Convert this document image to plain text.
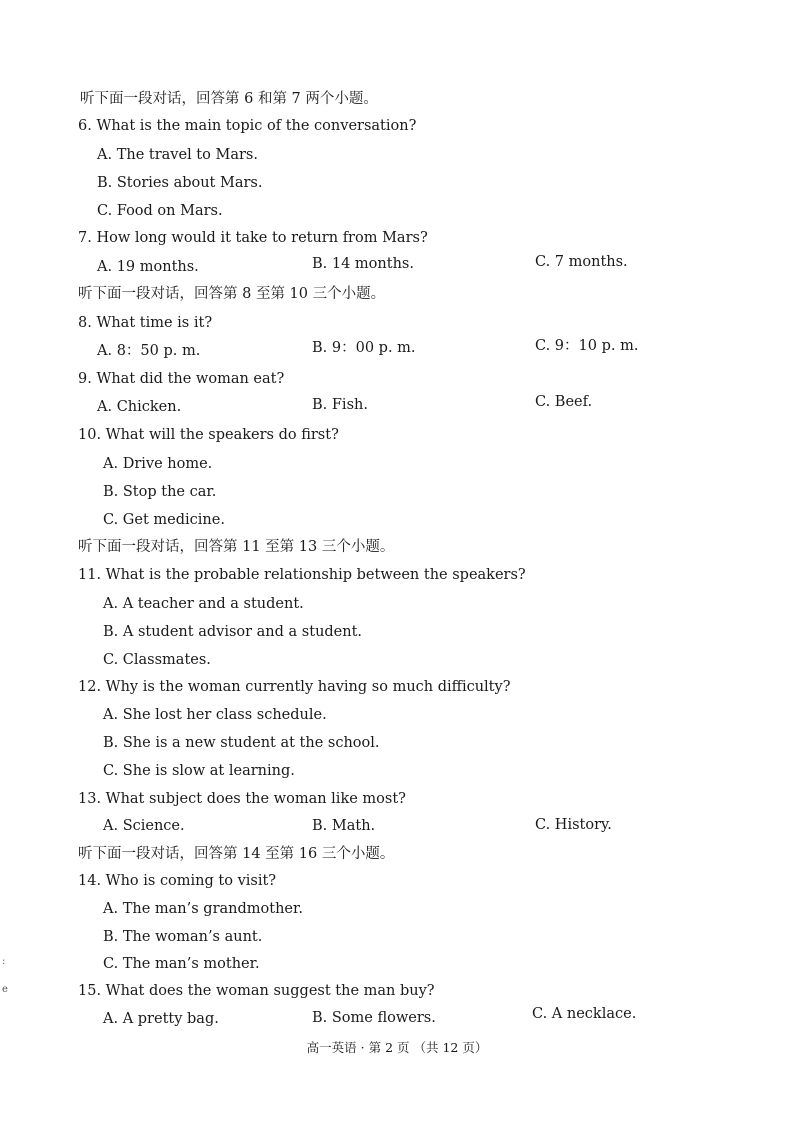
听下面一段对话，回答第 6 和第 7 两个小题。
6. What is the main topic of the conversation?
A. The travel to Mars.
B. Stories about Mars.
C. Food on Mars.
7. How long would it take to return from Mars?
A. 19 months.	B. 14 months.	C. 7 months.
听下面一段对话，回答第 8 至第 10 三个小题。
8. What time is it?
A. 8：50 p. m.	B. 9：00 p. m.	C. 9：10 p. m.
9. What did the woman eat?
A. Chicken.	B. Fish.	C. Beef.
10. What will the speakers do first?
A. Drive home.
B. Stop the car.
C. Get medicine.
听下面一段对话，回答第 11 至第 13 三个小题。
11. What is the probable relationship between the speakers?
A. A teacher and a student.
B. A student advisor and a student.
C. Classmates.
12. Why is the woman currently having so much difficulty?
A. She lost her class schedule.
B. She is a new student at the school.
C. She is slow at learning.
13. What subject does the woman like most?
A. Science.	B. Math.	C. History.
听下面一段对话，回答第 14 至第 16 三个小题。
14. Who is coming to visit?
A. The man’s grandmother.
B. The woman’s aunt.
C. The man’s mother.
15. What does the woman suggest the man buy?
A. A pretty bag.	B. Some flowers.	C. A necklace.
高一英语 · 第 2 页 （共 12 页）
:
e
